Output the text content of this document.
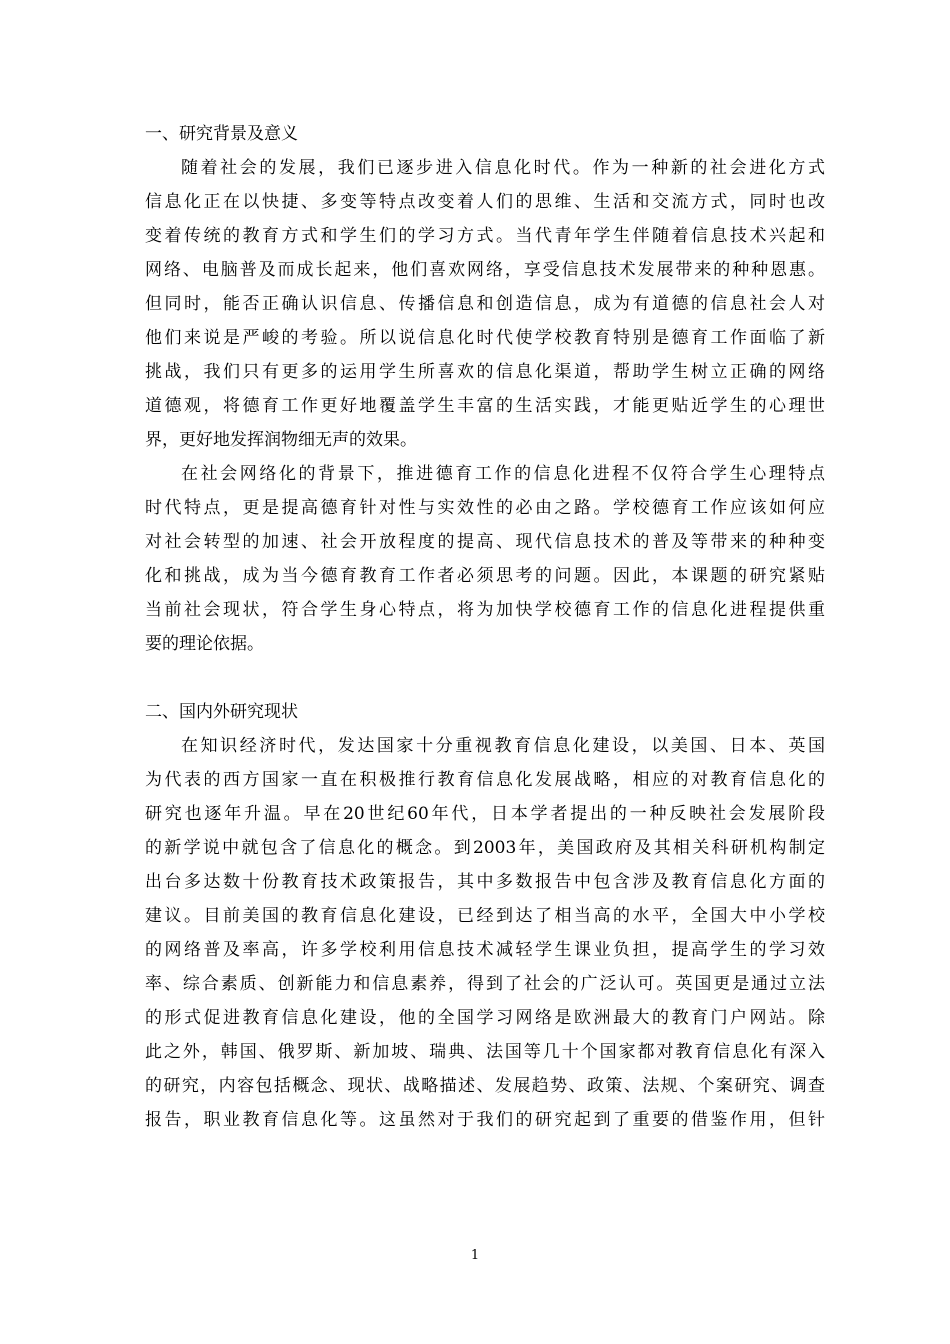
一、研究背景及意义
随着社会的发展，我们已逐步进入信息化时代。作为一种新的社会进化方式
信息化正在以快捷、多变等特点改变着人们的思维、生活和交流方式，同时也改
变着传统的教育方式和学生们的学习方式。当代青年学生伴随着信息技术兴起和
网络、电脑普及而成长起来，他们喜欢网络，享受信息技术发展带来的种种恩惠。
但同时，能否正确认识信息、传播信息和创造信息，成为有道德的信息社会人对
他们来说是严峻的考验。所以说信息化时代使学校教育特别是德育工作面临了新
挑战，我们只有更多的运用学生所喜欢的信息化渠道，帮助学生树立正确的网络
道德观，将德育工作更好地覆盖学生丰富的生活实践，才能更贴近学生的心理世
界，更好地发挥润物细无声的效果。
在社会网络化的背景下，推进德育工作的信息化进程不仅符合学生心理特点
时代特点，更是提高德育针对性与实效性的必由之路。学校德育工作应该如何应
对社会转型的加速、社会开放程度的提高、现代信息技术的普及等带来的种种变
化和挑战，成为当今德育教育工作者必须思考的问题。因此，本课题的研究紧贴
当前社会现状，符合学生身心特点，将为加快学校德育工作的信息化进程提供重
要的理论依据。
二、国内外研究现状
在知识经济时代，发达国家十分重视教育信息化建设，以美国、日本、英国
为代表的西方国家一直在积极推行教育信息化发展战略，相应的对教育信息化的
研究也逐年升温。早在20世纪60年代，日本学者提出的一种反映社会发展阶段
的新学说中就包含了信息化的概念。到2003年，美国政府及其相关科研机构制定
出台多达数十份教育技术政策报告，其中多数报告中包含涉及教育信息化方面的
建议。目前美国的教育信息化建设，已经到达了相当高的水平，全国大中小学校
的网络普及率高，许多学校利用信息技术减轻学生课业负担，提高学生的学习效
率、综合素质、创新能力和信息素养，得到了社会的广泛认可。英国更是通过立法
的形式促进教育信息化建设，他的全国学习网络是欧洲最大的教育门户网站。除
此之外，韩国、俄罗斯、新加坡、瑞典、法国等几十个国家都对教育信息化有深入
的研究，内容包括概念、现状、战略描述、发展趋势、政策、法规、个案研究、调查
报告，职业教育信息化等。这虽然对于我们的研究起到了重要的借鉴作用，但针
1
